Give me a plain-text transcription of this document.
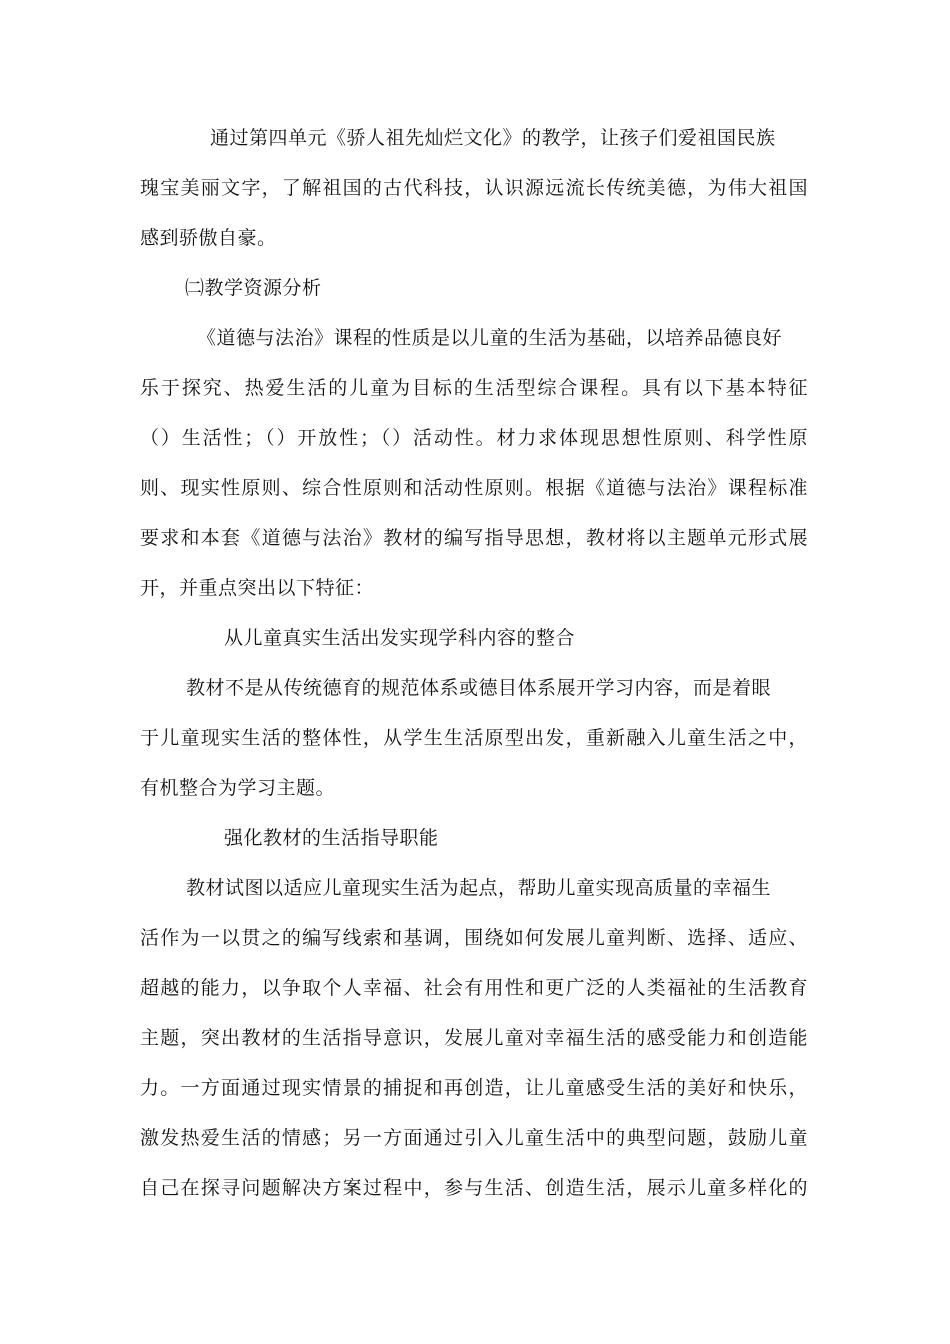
通过第四单元《骄人祖先灿烂文化》的教学，让孩子们爱祖国民族
瑰宝美丽文字，了解祖国的古代科技，认识源远流长传统美德，为伟大祖国
感到骄傲自豪。
㈡教学资源分析
《道德与法治》课程的性质是以儿童的生活为基础，以培养品德良好
乐于探究、热爱生活的儿童为目标的生活型综合课程。具有以下基本特征
（）生活性；（）开放性；（）活动性。材力求体现思想性原则、科学性原
则、现实性原则、综合性原则和活动性原则。根据《道德与法治》课程标准
要求和本套《道德与法治》教材的编写指导思想，教材将以主题单元形式展
开，并重点突出以下特征：
从儿童真实生活出发实现学科内容的整合
教材不是从传统德育的规范体系或德目体系展开学习内容，而是着眼
于儿童现实生活的整体性，从学生生活原型出发，重新融入儿童生活之中，
有机整合为学习主题。
强化教材的生活指导职能
教材试图以适应儿童现实生活为起点，帮助儿童实现高质量的幸福生
活作为一以贯之的编写线索和基调，围绕如何发展儿童判断、选择、适应、
超越的能力，以争取个人幸福、社会有用性和更广泛的人类福祉的生活教育
主题，突出教材的生活指导意识，发展儿童对幸福生活的感受能力和创造能
力。一方面通过现实情景的捕捉和再创造，让儿童感受生活的美好和快乐，
激发热爱生活的情感；另一方面通过引入儿童生活中的典型问题，鼓励儿童
自己在探寻问题解决方案过程中，参与生活、创造生活，展示儿童多样化的
